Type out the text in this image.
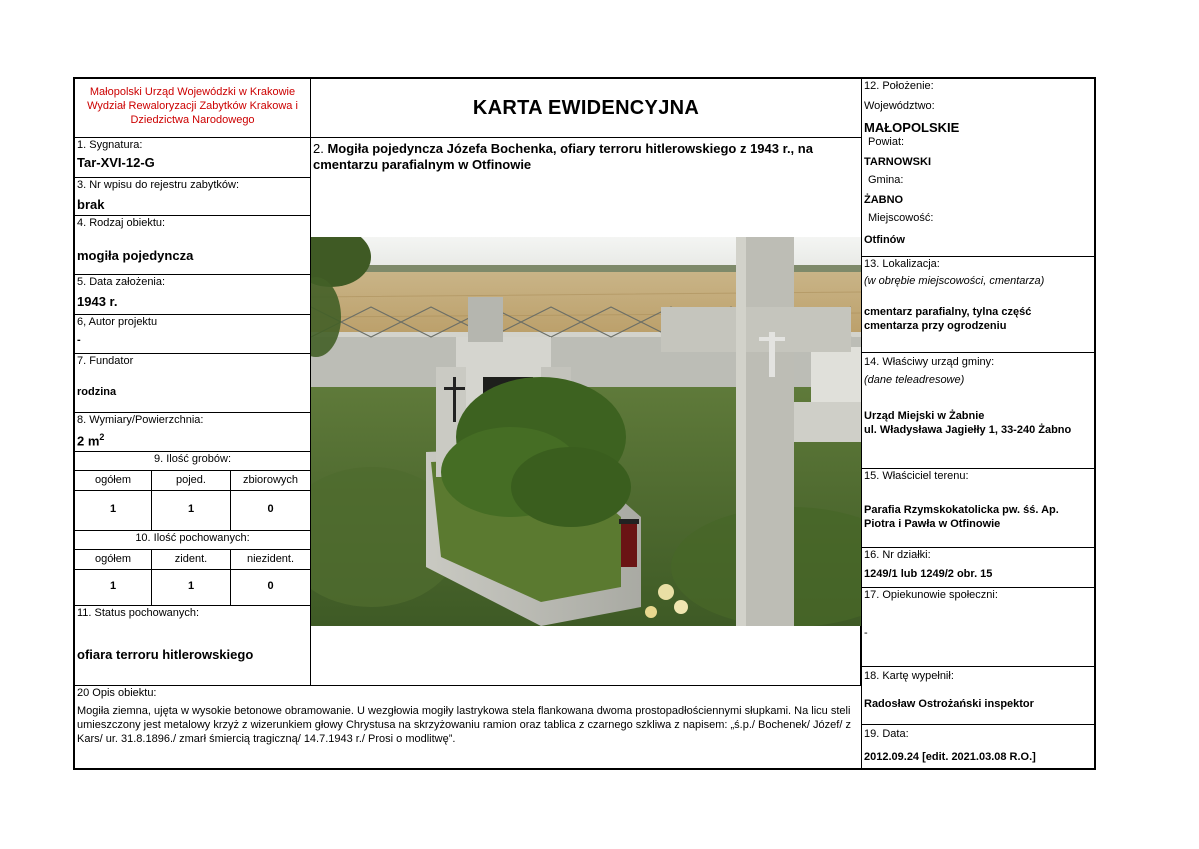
Małopolski Urząd Wojewódzki w Krakowie
Wydział Rewaloryzacji Zabytków Krakowa i
Dziedzictwa Narodowego
1. Sygnatura:
Tar-XVI-12-G
3. Nr wpisu do rejestru zabytków:
brak
4. Rodzaj obiektu:
mogiła pojedyncza
5. Data założenia:
1943 r.
6, Autor projektu
-
7. Fundator
rodzina
8. Wymiary/Powierzchnia:
2 $m^2$
9. Ilość grobów:
ogółem	pojed.	zbiorowych
1	1	0
10. Ilość pochowanych:
ogółem	zident.	niezident.
1	1	0
11. Status pochowanych:
ofiara terroru hitlerowskiego
KARTA EWIDENCYJNA
2. Mogiła pojedyncza Józefa Bochenka, ofiary terroru hitlerowskiego z 1943 r., na cmentarzu parafialnym w Otfinowie
12. Położenie:
Województwo:
MAŁOPOLSKIE
Powiat:
TARNOWSKI
Gmina:
ŻABNO
Miejscowość:
Otfinów
13. Lokalizacja:
(w obrębie miejscowości, cmentarza)
cmentarz parafialny, tylna część
cmentarza przy ogrodzeniu
14. Właściwy urząd gminy:
(dane teleadresowe)
Urząd Miejski w Żabnie
ul. Władysława Jagiełły 1, 33-240 Żabno
15. Właściciel terenu:
Parafia Rzymskokatolicka pw. śś. Ap.
Piotra i Pawła w Otfinowie
16. Nr działki:
1249/1 lub 1249/2 obr. 15
17. Opiekunowie społeczni:
-
18. Kartę wypełnił:
Radosław Ostrożański inspektor
19. Data:
2012.09.24 [edit. 2021.03.08 R.O.]
20 Opis obiektu:
Mogiła ziemna, ujęta w wysokie betonowe obramowanie. U wezgłowia mogiły lastrykowa stela flankowana dwoma prostopadłościennymi słupkami. Na licu steli umieszczony jest metalowy krzyż z wizerunkiem głowy Chrystusa na skrzyżowaniu ramion oraz tablica z czarnego szkliwa z napisem: „ś.p./ Bochenek/ Józef/ z Kars/ ur. 31.8.1896./ zmarł śmiercią tragiczną/ 14.7.1943 r./ Prosi o modlitwę”.
